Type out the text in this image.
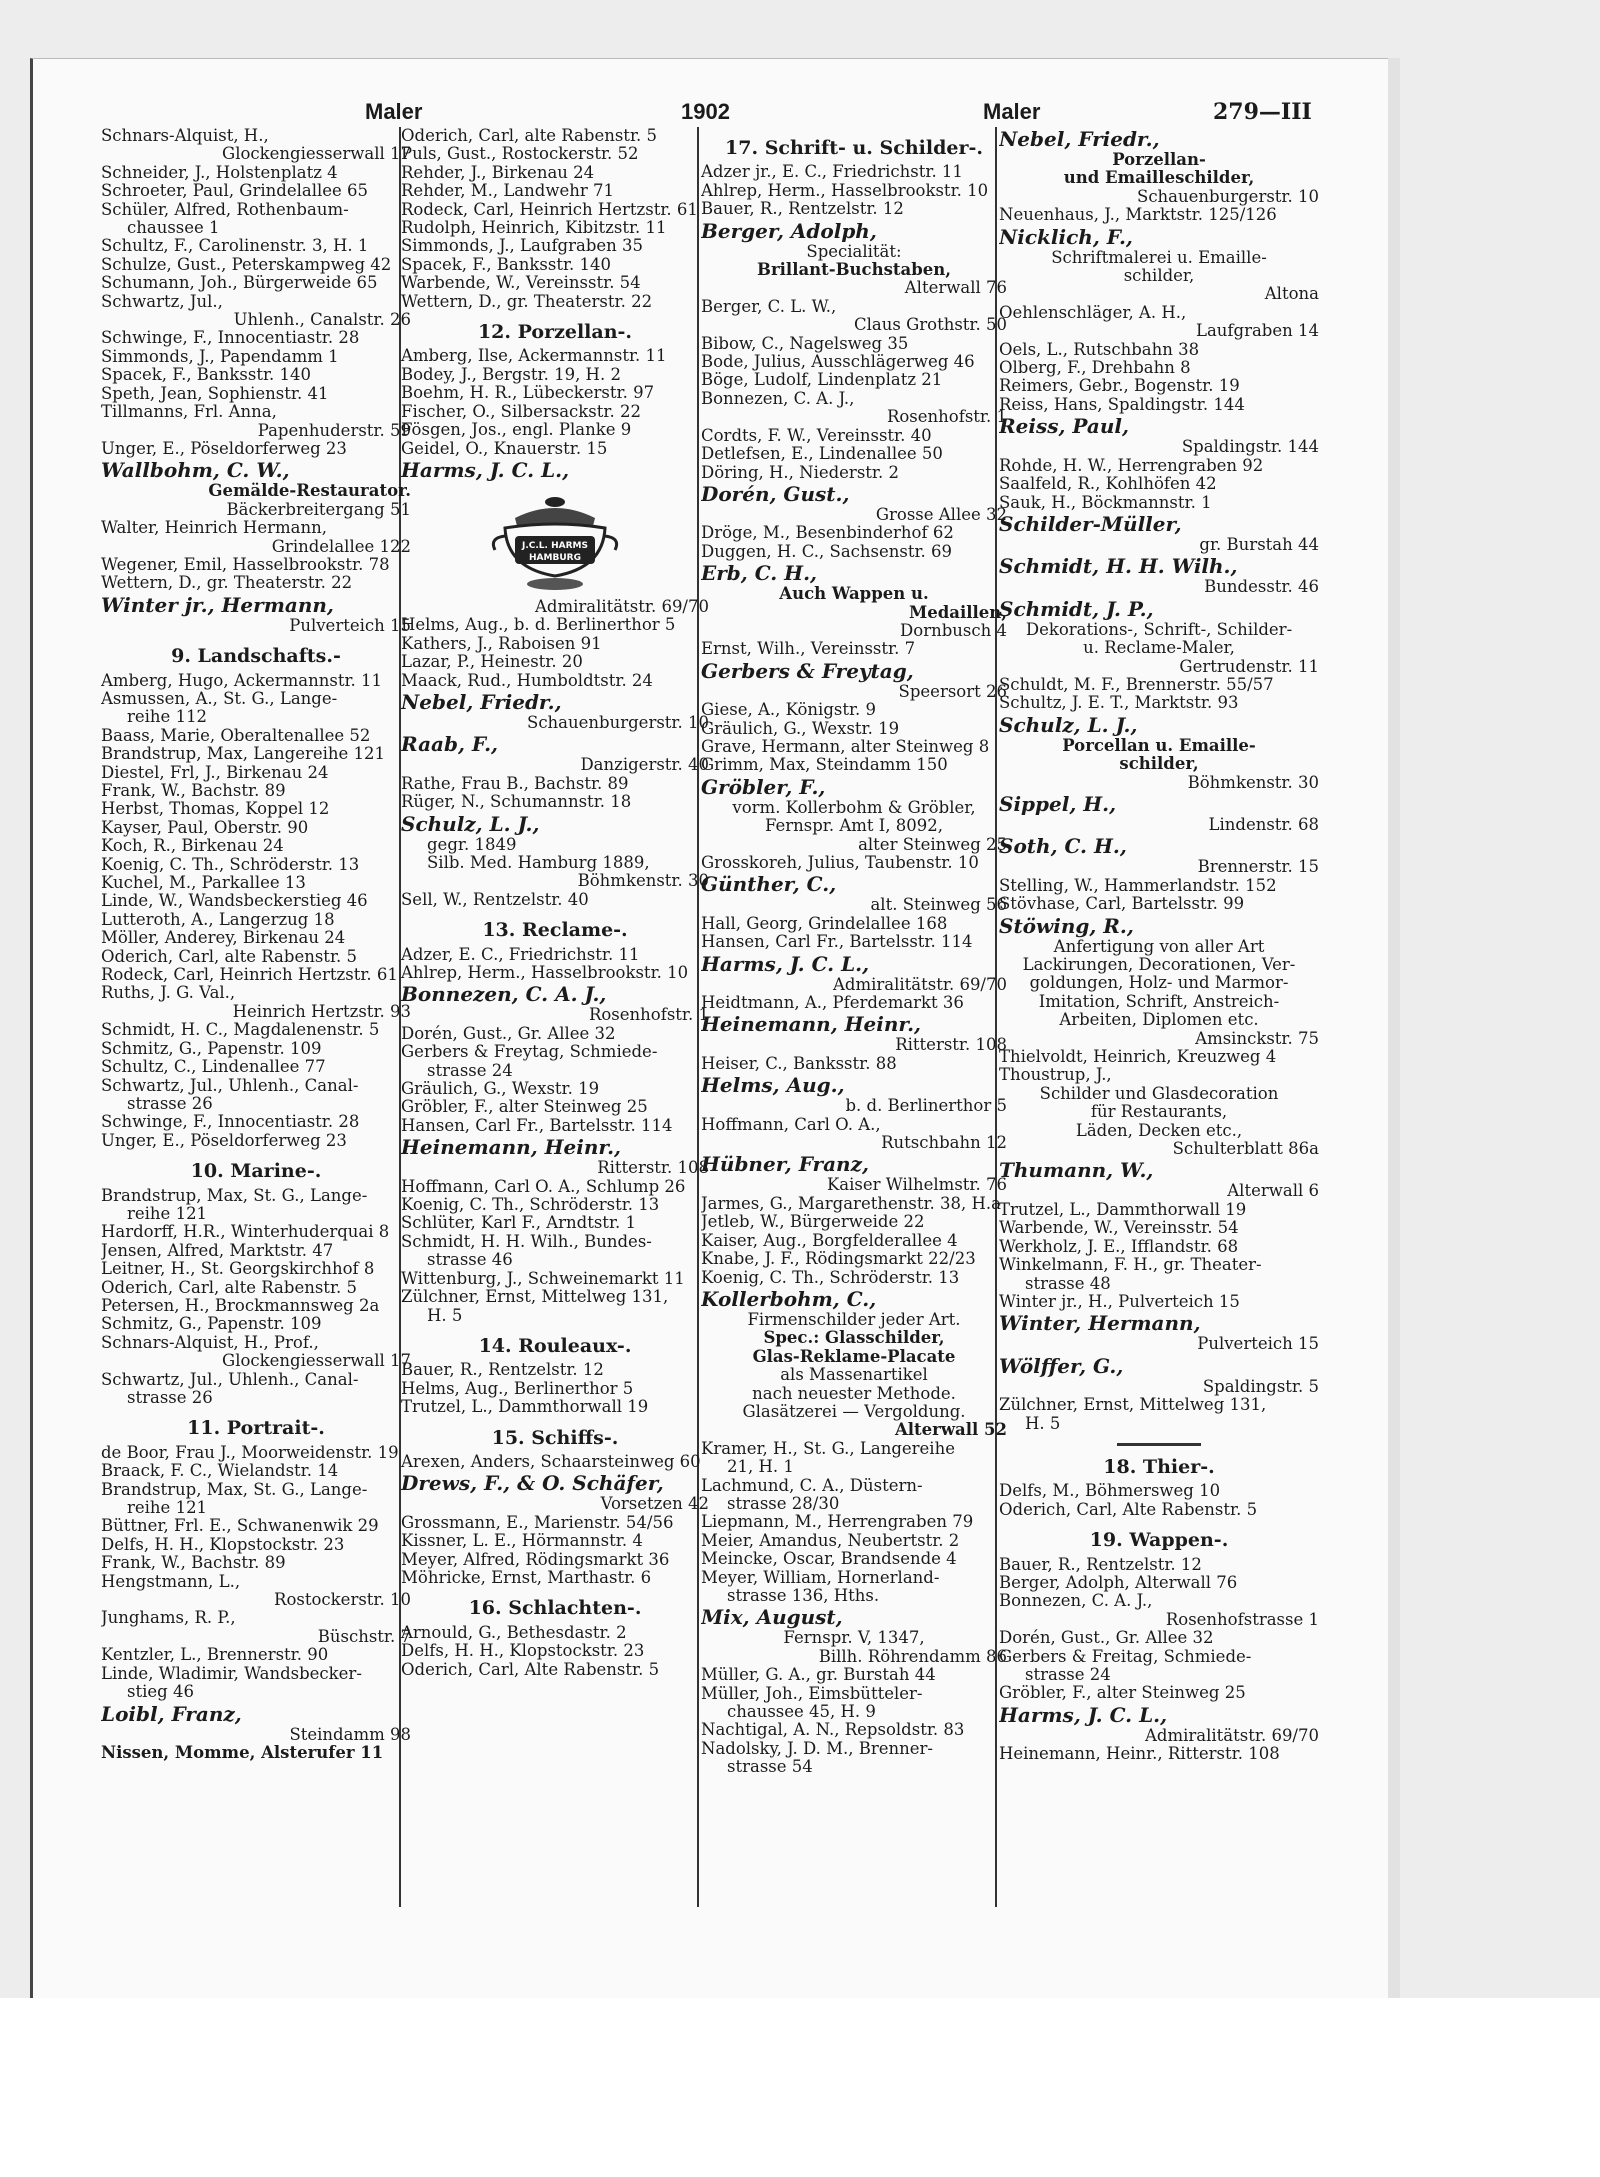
Maler	1902	Maler	279—III
Schnars-Alquist, H.,
Glockengiesserwall 17
Schneider, J., Holstenplatz 4
Schroeter, Paul, Grindelallee 65
Schüler, Alfred, Rothenbaum-
chaussee 1
Schultz, F., Carolinenstr. 3, H. 1
Schulze, Gust., Peterskampweg 42
Schumann, Joh., Bürgerweide 65
Schwartz, Jul.,
Uhlenh., Canalstr. 26
Schwinge, F., Innocentiastr. 28
Simmonds, J., Papendamm 1
Spacek, F., Banksstr. 140
Speth, Jean, Sophienstr. 41
Tillmanns, Frl. Anna,
Papenhuderstr. 59
Unger, E., Pöseldorferweg 23
Wallbohm, C. W.,
Gemälde-Restaurator.
Bäckerbreitergang 51
Walter, Heinrich Hermann,
Grindelallee 122
Wegener, Emil, Hasselbrookstr. 78
Wettern, D., gr. Theaterstr. 22
Winter jr., Hermann,
Pulverteich 15
9. Landschafts.-
Amberg, Hugo, Ackermannstr. 11
Asmussen, A., St. G., Lange-
reihe 112
Baass, Marie, Oberaltenallee 52
Brandstrup, Max, Langereihe 121
Diestel, Frl, J., Birkenau 24
Frank, W., Bachstr. 89
Herbst, Thomas, Koppel 12
Kayser, Paul, Oberstr. 90
Koch, R., Birkenau 24
Koenig, C. Th., Schröderstr. 13
Kuchel, M., Parkallee 13
Linde, W., Wandsbeckerstieg 46
Lutteroth, A., Langerzug 18
Möller, Anderey, Birkenau 24
Oderich, Carl, alte Rabenstr. 5
Rodeck, Carl, Heinrich Hertzstr. 61
Ruths, J. G. Val.,
Heinrich Hertzstr. 93
Schmidt, H. C., Magdalenenstr. 5
Schmitz, G., Papenstr. 109
Schultz, C., Lindenallee 77
Schwartz, Jul., Uhlenh., Canal-
strasse 26
Schwinge, F., Innocentiastr. 28
Unger, E., Pöseldorferweg 23
10. Marine-.
Brandstrup, Max, St. G., Lange-
reihe 121
Hardorff, H.R., Winterhuderquai 8
Jensen, Alfred, Marktstr. 47
Leitner, H., St. Georgskirchhof 8
Oderich, Carl, alte Rabenstr. 5
Petersen, H., Brockmannsweg 2a
Schmitz, G., Papenstr. 109
Schnars-Alquist, H., Prof.,
Glockengiesserwall 17
Schwartz, Jul., Uhlenh., Canal-
strasse 26
11. Portrait-.
de Boor, Frau J., Moorweidenstr. 19
Braack, F. C., Wielandstr. 14
Brandstrup, Max, St. G., Lange-
reihe 121
Büttner, Frl. E., Schwanenwik 29
Delfs, H. H., Klopstockstr. 23
Frank, W., Bachstr. 89
Hengstmann, L.,
Rostockerstr. 10
Junghams, R. P.,
Büschstr. 7
Kentzler, L., Brennerstr. 90
Linde, Wladimir, Wandsbecker-
stieg 46
Loibl, Franz,
Steindamm 98
Nissen, Momme, Alsterufer 11
Oderich, Carl, alte Rabenstr. 5
Puls, Gust., Rostockerstr. 52
Rehder, J., Birkenau 24
Rehder, M., Landwehr 71
Rodeck, Carl, Heinrich Hertzstr. 61
Rudolph, Heinrich, Kibitzstr. 11
Simmonds, J., Laufgraben 35
Spacek, F., Banksstr. 140
Warbende, W., Vereinsstr. 54
Wettern, D., gr. Theaterstr. 22
12. Porzellan-.
Amberg, Ilse, Ackermannstr. 11
Bodey, J., Bergstr. 19, H. 2
Boehm, H. R., Lübeckerstr. 97
Fischer, O., Silbersackstr. 22
Fösgen, Jos., engl. Planke 9
Geidel, O., Knauerstr. 15
Harms, J. C. L.,
J.C.L. HARMS
HAMBURG
Admiralitätstr. 69/70
Helms, Aug., b. d. Berlinerthor 5
Kathers, J., Raboisen 91
Lazar, P., Heinestr. 20
Maack, Rud., Humboldtstr. 24
Nebel, Friedr.,
Schauenburgerstr. 10
Raab, F.,
Danzigerstr. 40
Rathe, Frau B., Bachstr. 89
Rüger, N., Schumannstr. 18
Schulz, L. J.,
gegr. 1849
Silb. Med. Hamburg 1889,
Böhmkenstr. 30
Sell, W., Rentzelstr. 40
13. Reclame-.
Adzer, E. C., Friedrichstr. 11
Ahlrep, Herm., Hasselbrookstr. 10
Bonnezen, C. A. J.,
Rosenhofstr. 1
Dorén, Gust., Gr. Allee 32
Gerbers & Freytag, Schmiede-
strasse 24
Gräulich, G., Wexstr. 19
Gröbler, F., alter Steinweg 25
Hansen, Carl Fr., Bartelsstr. 114
Heinemann, Heinr.,
Ritterstr. 108
Hoffmann, Carl O. A., Schlump 26
Koenig, C. Th., Schröderstr. 13
Schlüter, Karl F., Arndtstr. 1
Schmidt, H. H. Wilh., Bundes-
strasse 46
Wittenburg, J., Schweinemarkt 11
Zülchner, Ernst, Mittelweg 131,
H. 5
14. Rouleaux-.
Bauer, R., Rentzelstr. 12
Helms, Aug., Berlinerthor 5
Trutzel, L., Dammthorwall 19
15. Schiffs-.
Arexen, Anders, Schaarsteinweg 60
Drews, F., & O. Schäfer,
Vorsetzen 42
Grossmann, E., Marienstr. 54/56
Kissner, L. E., Hörmannstr. 4
Meyer, Alfred, Rödingsmarkt 36
Möhricke, Ernst, Marthastr. 6
16. Schlachten-.
Arnould, G., Bethesdastr. 2
Delfs, H. H., Klopstockstr. 23
Oderich, Carl, Alte Rabenstr. 5
17. Schrift- u. Schilder-.
Adzer jr., E. C., Friedrichstr. 11
Ahlrep, Herm., Hasselbrookstr. 10
Bauer, R., Rentzelstr. 12
Berger, Adolph,
Specialität:
Brillant-Buchstaben,
Alterwall 76
Berger, C. L. W.,
Claus Grothstr. 50
Bibow, C., Nagelsweg 35
Bode, Julius, Ausschlägerweg 46
Böge, Ludolf, Lindenplatz 21
Bonnezen, C. A. J.,
Rosenhofstr. 1
Cordts, F. W., Vereinsstr. 40
Detlefsen, E., Lindenallee 50
Döring, H., Niederstr. 2
Dorén, Gust.,
Grosse Allee 32
Dröge, M., Besenbinderhof 62
Duggen, H. C., Sachsenstr. 69
Erb, C. H.,
Auch Wappen u.
Medaillen,
Dornbusch 4
Ernst, Wilh., Vereinsstr. 7
Gerbers & Freytag,
Speersort 26
Giese, A., Königstr. 9
Gräulich, G., Wexstr. 19
Grave, Hermann, alter Steinweg 8
Grimm, Max, Steindamm 150
Gröbler, F.,
vorm. Kollerbohm & Gröbler,
Fernspr. Amt I, 8092,
alter Steinweg 25
Grosskoreh, Julius, Taubenstr. 10
Günther, C.,
alt. Steinweg 56
Hall, Georg, Grindelallee 168
Hansen, Carl Fr., Bartelsstr. 114
Harms, J. C. L.,
Admiralitätstr. 69/70
Heidtmann, A., Pferdemarkt 36
Heinemann, Heinr.,
Ritterstr. 108
Heiser, C., Banksstr. 88
Helms, Aug.,
b. d. Berlinerthor 5
Hoffmann, Carl O. A.,
Rutschbahn 12
Hübner, Franz,
Kaiser Wilhelmstr. 76
Jarmes, G., Margarethenstr. 38, H.a
Jetleb, W., Bürgerweide 22
Kaiser, Aug., Borgfelderallee 4
Knabe, J. F., Rödingsmarkt 22/23
Koenig, C. Th., Schröderstr. 13
Kollerbohm, C.,
Firmenschilder jeder Art.
Spec.: Glasschilder,
Glas-Reklame-Placate
als Massenartikel
nach neuester Methode.
Glasätzerei — Vergoldung.
Alterwall 52
Kramer, H., St. G., Langereihe
21, H. 1
Lachmund, C. A., Düstern-
strasse 28/30
Liepmann, M., Herrengraben 79
Meier, Amandus, Neubertstr. 2
Meincke, Oscar, Brandsende 4
Meyer, William, Hornerland-
strasse 136, Hths.
Mix, August,
Fernspr. V, 1347,
Billh. Röhrendamm 86
Müller, G. A., gr. Burstah 44
Müller, Joh., Eimsbütteler-
chaussee 45, H. 9
Nachtigal, A. N., Repsoldstr. 83
Nadolsky, J. D. M., Brenner-
strasse 54
Nebel, Friedr.,
Porzellan-
und Emailleschilder,
Schauenburgerstr. 10
Neuenhaus, J., Marktstr. 125/126
Nicklich, F.,
Schriftmalerei u. Emaille-
schilder,
Altona
Oehlenschläger, A. H.,
Laufgraben 14
Oels, L., Rutschbahn 38
Olberg, F., Drehbahn 8
Reimers, Gebr., Bogenstr. 19
Reiss, Hans, Spaldingstr. 144
Reiss, Paul,
Spaldingstr. 144
Rohde, H. W., Herrengraben 92
Saalfeld, R., Kohlhöfen 42
Sauk, H., Böckmannstr. 1
Schilder-Müller,
gr. Burstah 44
Schmidt, H. H. Wilh.,
Bundesstr. 46
Schmidt, J. P.,
Dekorations-, Schrift-, Schilder-
u. Reclame-Maler,
Gertrudenstr. 11
Schuldt, M. F., Brennerstr. 55/57
Schultz, J. E. T., Marktstr. 93
Schulz, L. J.,
Porcellan u. Emaille-
schilder,
Böhmkenstr. 30
Sippel, H.,
Lindenstr. 68
Soth, C. H.,
Brennerstr. 15
Stelling, W., Hammerlandstr. 152
Stövhase, Carl, Bartelsstr. 99
Stöwing, R.,
Anfertigung von aller Art
Lackirungen, Decorationen, Ver-
goldungen, Holz- und Marmor-
Imitation, Schrift, Anstreich-
Arbeiten, Diplomen etc.
Amsinckstr. 75
Thielvoldt, Heinrich, Kreuzweg 4
Thoustrup, J.,
Schilder und Glasdecoration
für Restaurants,
Läden, Decken etc.,
Schulterblatt 86a
Thumann, W.,
Alterwall 6
Trutzel, L., Dammthorwall 19
Warbende, W., Vereinsstr. 54
Werkholz, J. E., Ifflandstr. 68
Winkelmann, F. H., gr. Theater-
strasse 48
Winter jr., H., Pulverteich 15
Winter, Hermann,
Pulverteich 15
Wölffer, G.,
Spaldingstr. 5
Zülchner, Ernst, Mittelweg 131,
H. 5
18. Thier-.
Delfs, M., Böhmersweg 10
Oderich, Carl, Alte Rabenstr. 5
19. Wappen-.
Bauer, R., Rentzelstr. 12
Berger, Adolph, Alterwall 76
Bonnezen, C. A. J.,
Rosenhofstrasse 1
Dorén, Gust., Gr. Allee 32
Gerbers & Freitag, Schmiede-
strasse 24
Gröbler, F., alter Steinweg 25
Harms, J. C. L.,
Admiralitätstr. 69/70
Heinemann, Heinr., Ritterstr. 108
